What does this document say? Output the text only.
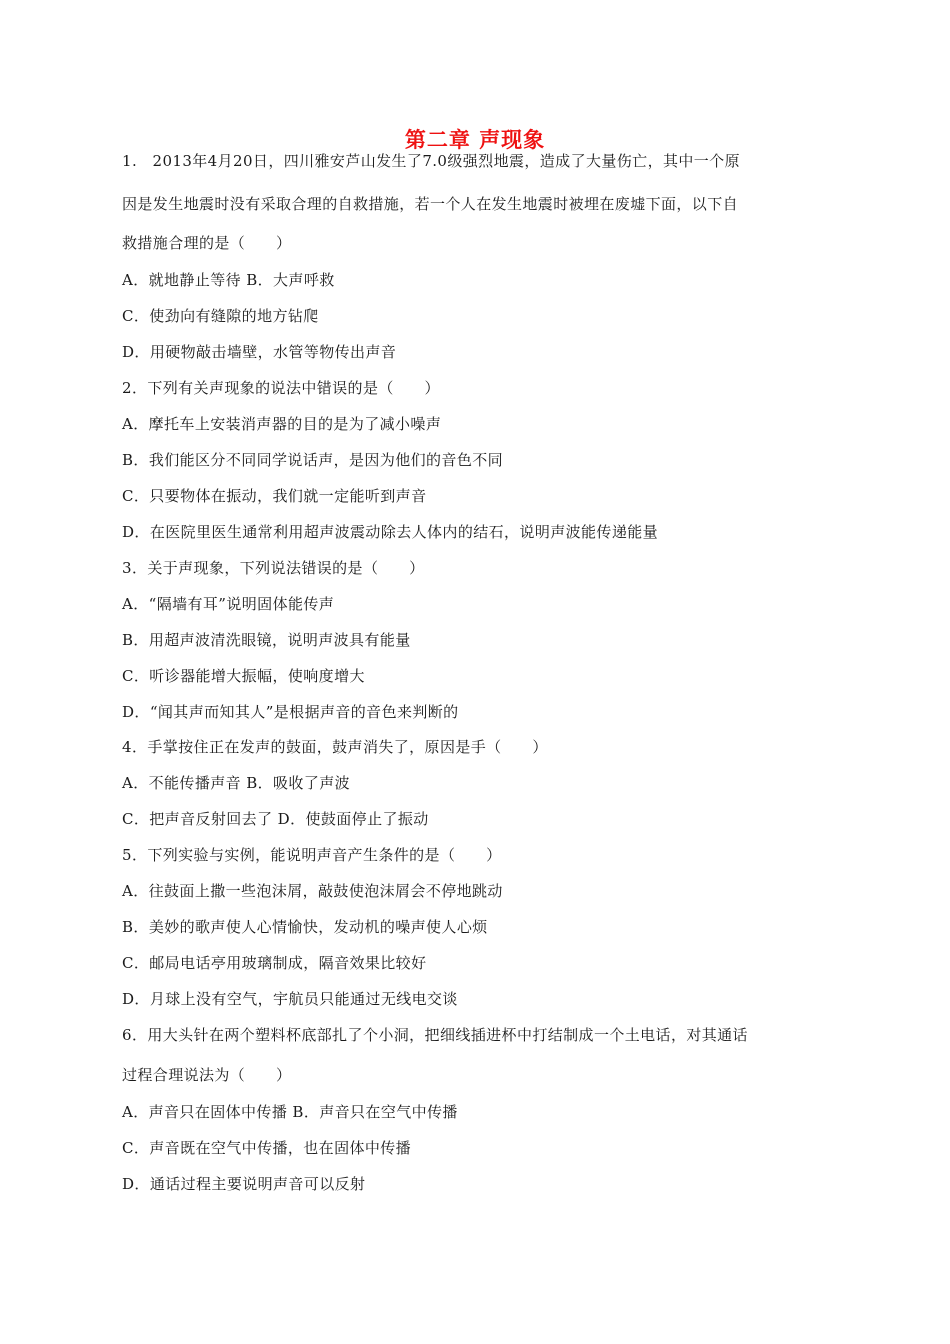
第二章 声现象
1.　2013年4月20日，四川雅安芦山发生了7.0级强烈地震，造成了大量伤亡，其中一个原
因是发生地震时没有采取合理的自救措施，若一个人在发生地震时被埋在废墟下面，以下自
救措施合理的是（　　）
A．就地静止等待 B．大声呼救
C．使劲向有缝隙的地方钻爬
D．用硬物敲击墙壁，水管等物传出声音
2．下列有关声现象的说法中错误的是（　　）
A．摩托车上安装消声器的目的是为了减小噪声
B．我们能区分不同同学说话声，是因为他们的音色不同
C．只要物体在振动，我们就一定能听到声音
D．在医院里医生通常利用超声波震动除去人体内的结石，说明声波能传递能量
3．关于声现象，下列说法错误的是（　　）
A．“隔墙有耳”说明固体能传声
B．用超声波清洗眼镜，说明声波具有能量
C．听诊器能增大振幅，使响度增大
D．“闻其声而知其人”是根据声音的音色来判断的
4．手掌按住正在发声的鼓面，鼓声消失了，原因是手（　　）
A．不能传播声音 B．吸收了声波
C．把声音反射回去了 D．使鼓面停止了振动
5．下列实验与实例，能说明声音产生条件的是（　　）
A．往鼓面上撒一些泡沫屑，敲鼓使泡沫屑会不停地跳动
B．美妙的歌声使人心情愉快，发动机的噪声使人心烦
C．邮局电话亭用玻璃制成，隔音效果比较好
D．月球上没有空气，宇航员只能通过无线电交谈
6．用大头针在两个塑料杯底部扎了个小洞，把细线插进杯中打结制成一个土电话，对其通话
过程合理说法为（　　）
A．声音只在固体中传播 B．声音只在空气中传播
C．声音既在空气中传播，也在固体中传播
D．通话过程主要说明声音可以反射
